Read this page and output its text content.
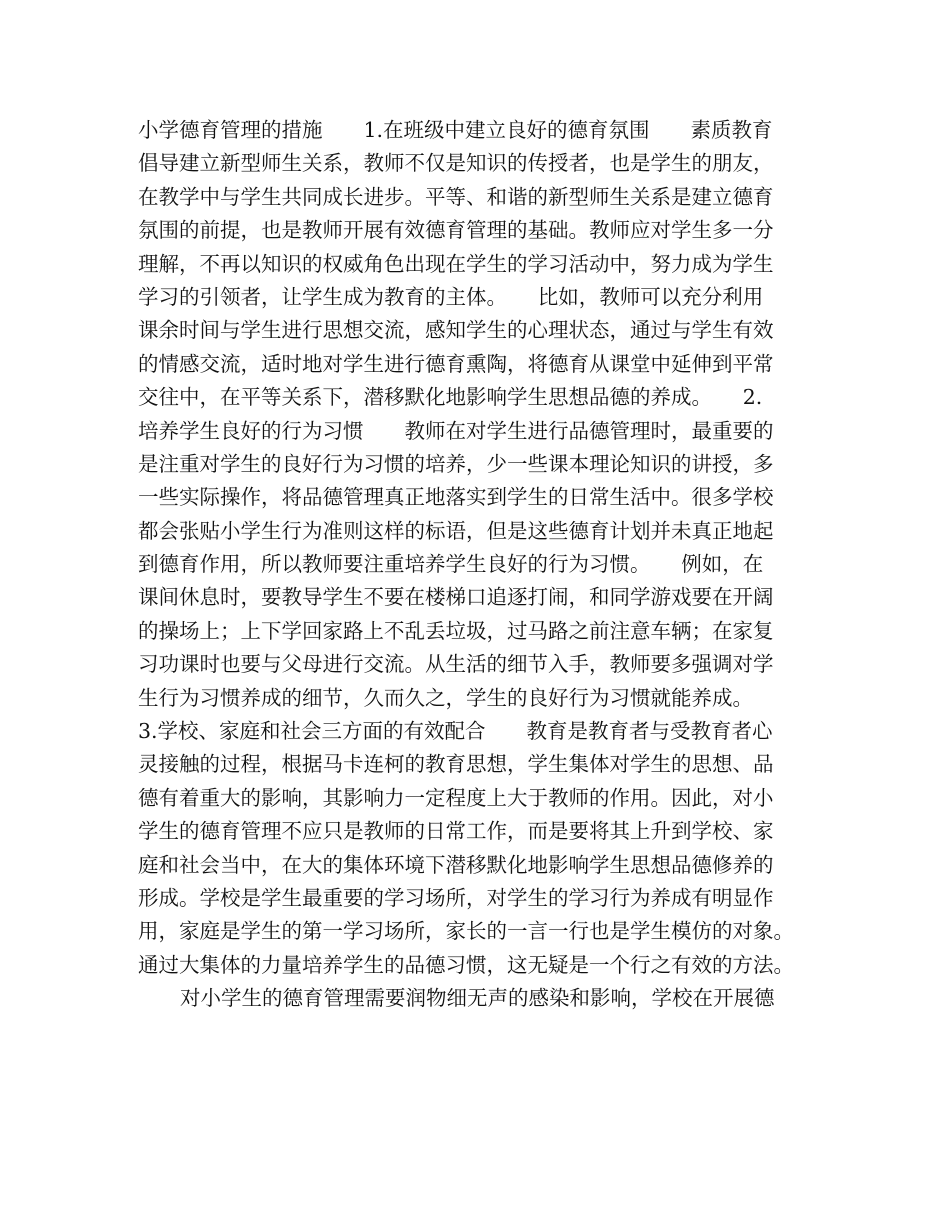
小学德育管理的措施　　1.在班级中建立良好的德育氛围　　素质教育
倡导建立新型师生关系，教师不仅是知识的传授者，也是学生的朋友，
在教学中与学生共同成长进步。平等、和谐的新型师生关系是建立德育
氛围的前提，也是教师开展有效德育管理的基础。教师应对学生多一分
理解，不再以知识的权威角色出现在学生的学习活动中，努力成为学生
学习的引领者，让学生成为教育的主体。　　比如，教师可以充分利用
课余时间与学生进行思想交流，感知学生的心理状态，通过与学生有效
的情感交流，适时地对学生进行德育熏陶，将德育从课堂中延伸到平常
交往中，在平等关系下，潜移默化地影响学生思想品德的养成。　　2.
培养学生良好的行为习惯　　教师在对学生进行品德管理时，最重要的
是注重对学生的良好行为习惯的培养，少一些课本理论知识的讲授，多
一些实际操作，将品德管理真正地落实到学生的日常生活中。很多学校
都会张贴小学生行为准则这样的标语，但是这些德育计划并未真正地起
到德育作用，所以教师要注重培养学生良好的行为习惯。　　例如，在
课间休息时，要教导学生不要在楼梯口追逐打闹，和同学游戏要在开阔
的操场上；上下学回家路上不乱丢垃圾，过马路之前注意车辆；在家复
习功课时也要与父母进行交流。从生活的细节入手，教师要多强调对学
生行为习惯养成的细节，久而久之，学生的良好行为习惯就能养成。
3.学校、家庭和社会三方面的有效配合　　教育是教育者与受教育者心
灵接触的过程，根据马卡连柯的教育思想，学生集体对学生的思想、品
德有着重大的影响，其影响力一定程度上大于教师的作用。因此，对小
学生的德育管理不应只是教师的日常工作，而是要将其上升到学校、家
庭和社会当中，在大的集体环境下潜移默化地影响学生思想品德修养的
形成。学校是学生最重要的学习场所，对学生的学习行为养成有明显作
用，家庭是学生的第一学习场所，家长的一言一行也是学生模仿的对象。
通过大集体的力量培养学生的品德习惯，这无疑是一个行之有效的方法。
对小学生的德育管理需要润物细无声的感染和影响，学校在开展德
